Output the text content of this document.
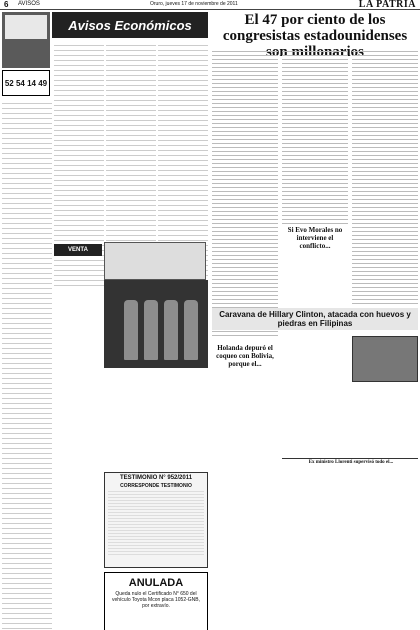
6 AVISOS	Oruro, jueves 17 de noviembre de 2011	LA PATRIA
52 54 14 49
Avisos Económicos
VENTA
TESTIMONIO N° 952/2011
CORRESPONDE TESTIMONIO
ANULADA
Queda nulo el Certificado N° 650 del vehículo Toyota Mcon placa 1052-GNB, por extravío.
El 47 por ciento de los congresistas estadounidenses son millonarios
Si Evo Morales no interviene el conflicto...
Holanda depuró el coqueo con Bolivia, porque el...
Caravana de Hillary Clinton, atacada con huevos y piedras en Filipinas
Ex ministro Llorenti supervisó todo el...
